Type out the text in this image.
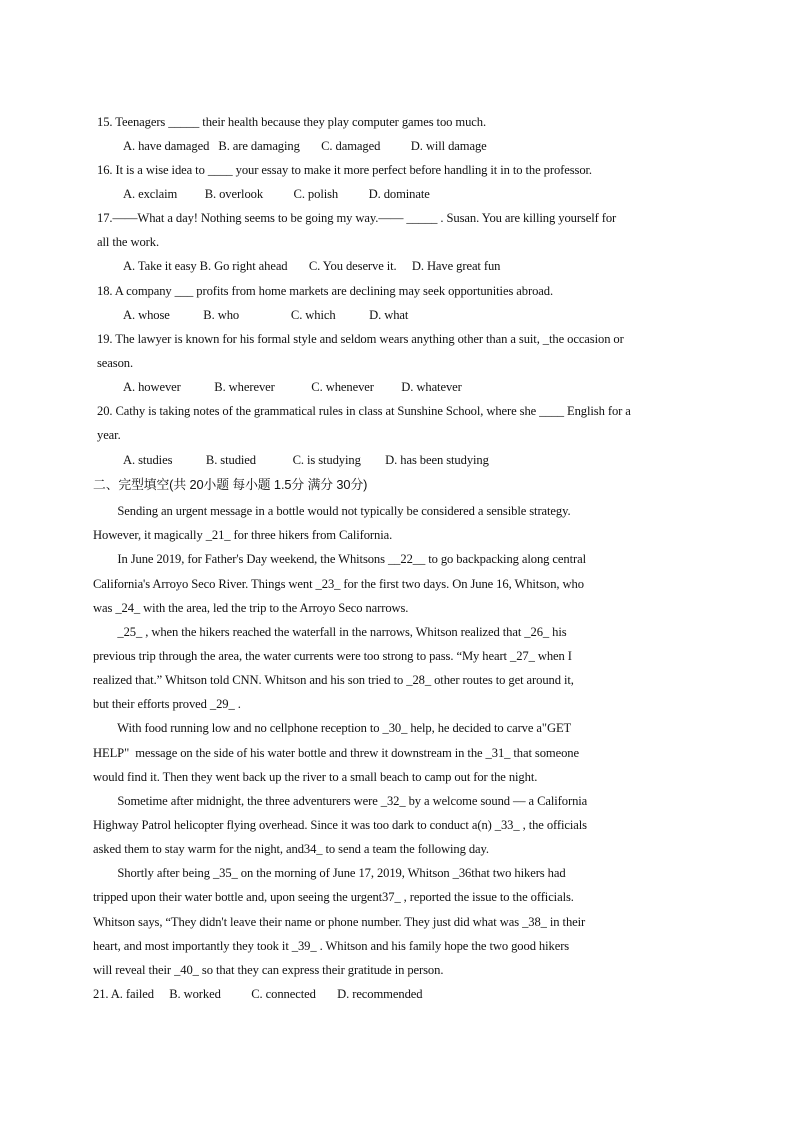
15. Teenagers _____ their health because they play computer games too much.
A. have damaged   B. are damaging       C. damaged          D. will damage
16. It is a wise idea to ____ your essay to make it more perfect before handling it in to the professor.
A. exclaim         B. overlook          C. polish          D. dominate
17.——What a day! Nothing seems to be going my way.—— _____ . Susan. You are killing yourself for
all the work.
A. Take it easy B. Go right ahead       C. You deserve it.     D. Have great fun
18. A company ___ profits from home markets are declining may seek opportunities abroad.
A. whose           B. who                 C. which           D. what
19. The lawyer is known for his formal style and seldom wears anything other than a suit, _the occasion or
season.
A. however           B. wherever            C. whenever         D. whatever
20. Cathy is taking notes of the grammatical rules in class at Sunshine School, where she ____ English for a
year.
A. studies           B. studied            C. is studying        D. has been studying
二、完型填空(共 20小题 每小题 1.5分 满分 30分)
Sending an urgent message in a bottle would not typically be considered a sensible strategy.
However, it magically _21_ for three hikers from California.
In June 2019, for Father's Day weekend, the Whitsons __22__ to go backpacking along central
California's Arroyo Seco River. Things went _23_ for the first two days. On June 16, Whitson, who
was _24_ with the area, led the trip to the Arroyo Seco narrows.
_25_ , when the hikers reached the waterfall in the narrows, Whitson realized that _26_ his
previous trip through the area, the water currents were too strong to pass. “My heart _27_ when I
realized that.” Whitson told CNN. Whitson and his son tried to _28_ other routes to get around it,
but their efforts proved _29_ .
With food running low and no cellphone reception to _30_ help, he decided to carve a"GET
HELP"  message on the side of his water bottle and threw it downstream in the _31_ that someone
would find it. Then they went back up the river to a small beach to camp out for the night.
Sometime after midnight, the three adventurers were _32_ by a welcome sound — a California
Highway Patrol helicopter flying overhead. Since it was too dark to conduct a(n) _33_ , the officials
asked them to stay warm for the night, and34_ to send a team the following day.
Shortly after being _35_ on the morning of June 17, 2019, Whitson _36that two hikers had
tripped upon their water bottle and, upon seeing the urgent37_ , reported the issue to the officials.
Whitson says, “They didn't leave their name or phone number. They just did what was _38_ in their
heart, and most importantly they took it _39_ . Whitson and his family hope the two good hikers
will reveal their _40_ so that they can express their gratitude in person.
21. A. failed     B. worked          C. connected       D. recommended
